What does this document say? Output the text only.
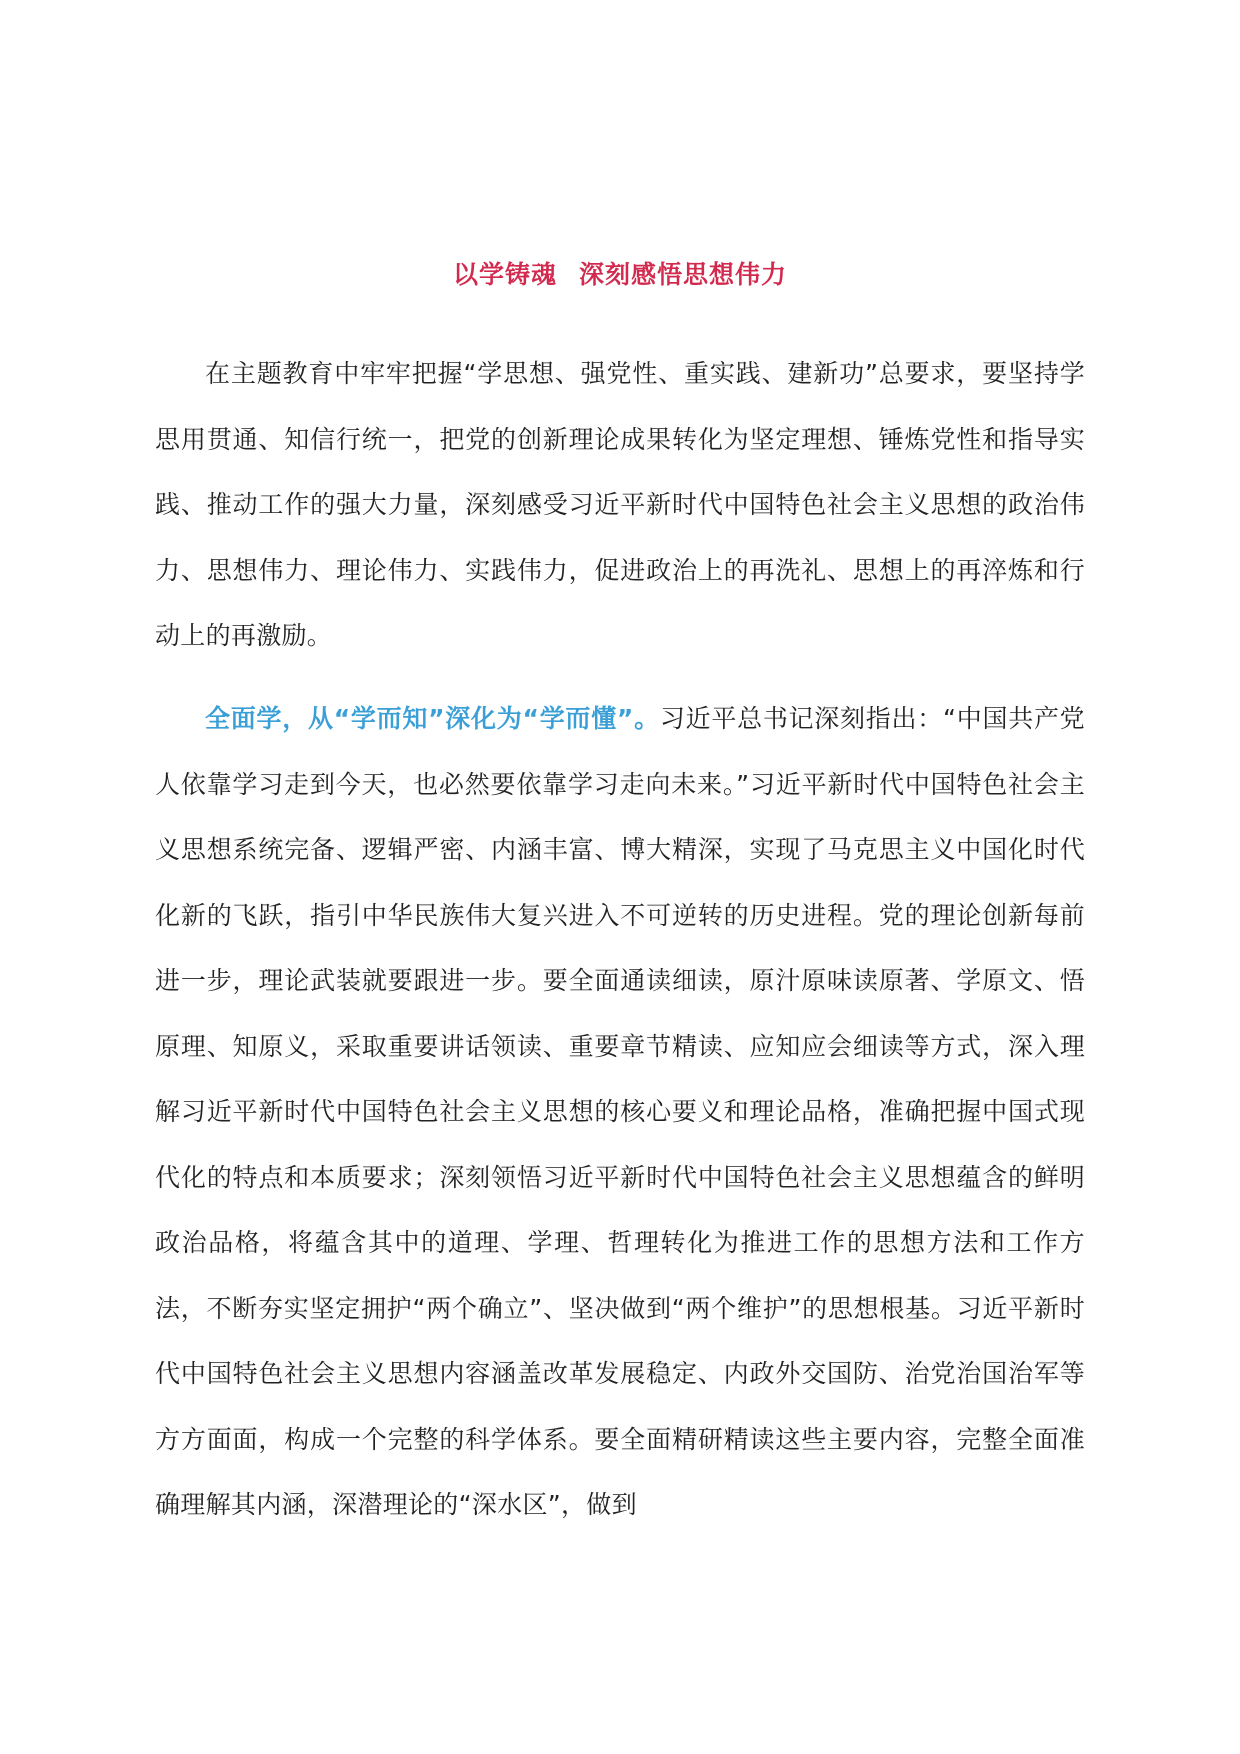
以学铸魂 深刻感悟思想伟力

在主题教育中牢牢把握“学思想、强党性、重实践、建新功”总要求，要坚持学思用贯通、知信行统一，把党的创新理论成果转化为坚定理想、锤炼党性和指导实践、推动工作的强大力量，深刻感受习近平新时代中国特色社会主义思想的政治伟力、思想伟力、理论伟力、实践伟力，促进政治上的再洗礼、思想上的再淬炼和行动上的再激励。

全面学，从“学而知”深化为“学而懂”。习近平总书记深刻指出：“中国共产党人依靠学习走到今天，也必然要依靠学习走向未来。”习近平新时代中国特色社会主义思想系统完备、逻辑严密、内涵丰富、博大精深，实现了马克思主义中国化时代化新的飞跃，指引中华民族伟大复兴进入不可逆转的历史进程。党的理论创新每前进一步，理论武装就要跟进一步。要全面通读细读，原汁原味读原著、学原文、悟原理、知原义，采取重要讲话领读、重要章节精读、应知应会细读等方式，深入理解习近平新时代中国特色社会主义思想的核心要义和理论品格，准确把握中国式现代化的特点和本质要求；深刻领悟习近平新时代中国特色社会主义思想蕴含的鲜明政治品格，将蕴含其中的道理、学理、哲理转化为推进工作的思想方法和工作方法，不断夯实坚定拥护“两个确立”、坚决做到“两个维护”的思想根基。习近平新时代中国特色社会主义思想内容涵盖改革发展稳定、内政外交国防、治党治国治军等方方面面，构成一个完整的科学体系。要全面精研精读这些主要内容，完整全面准确理解其内涵，深潜理论的“深水区”，做到
